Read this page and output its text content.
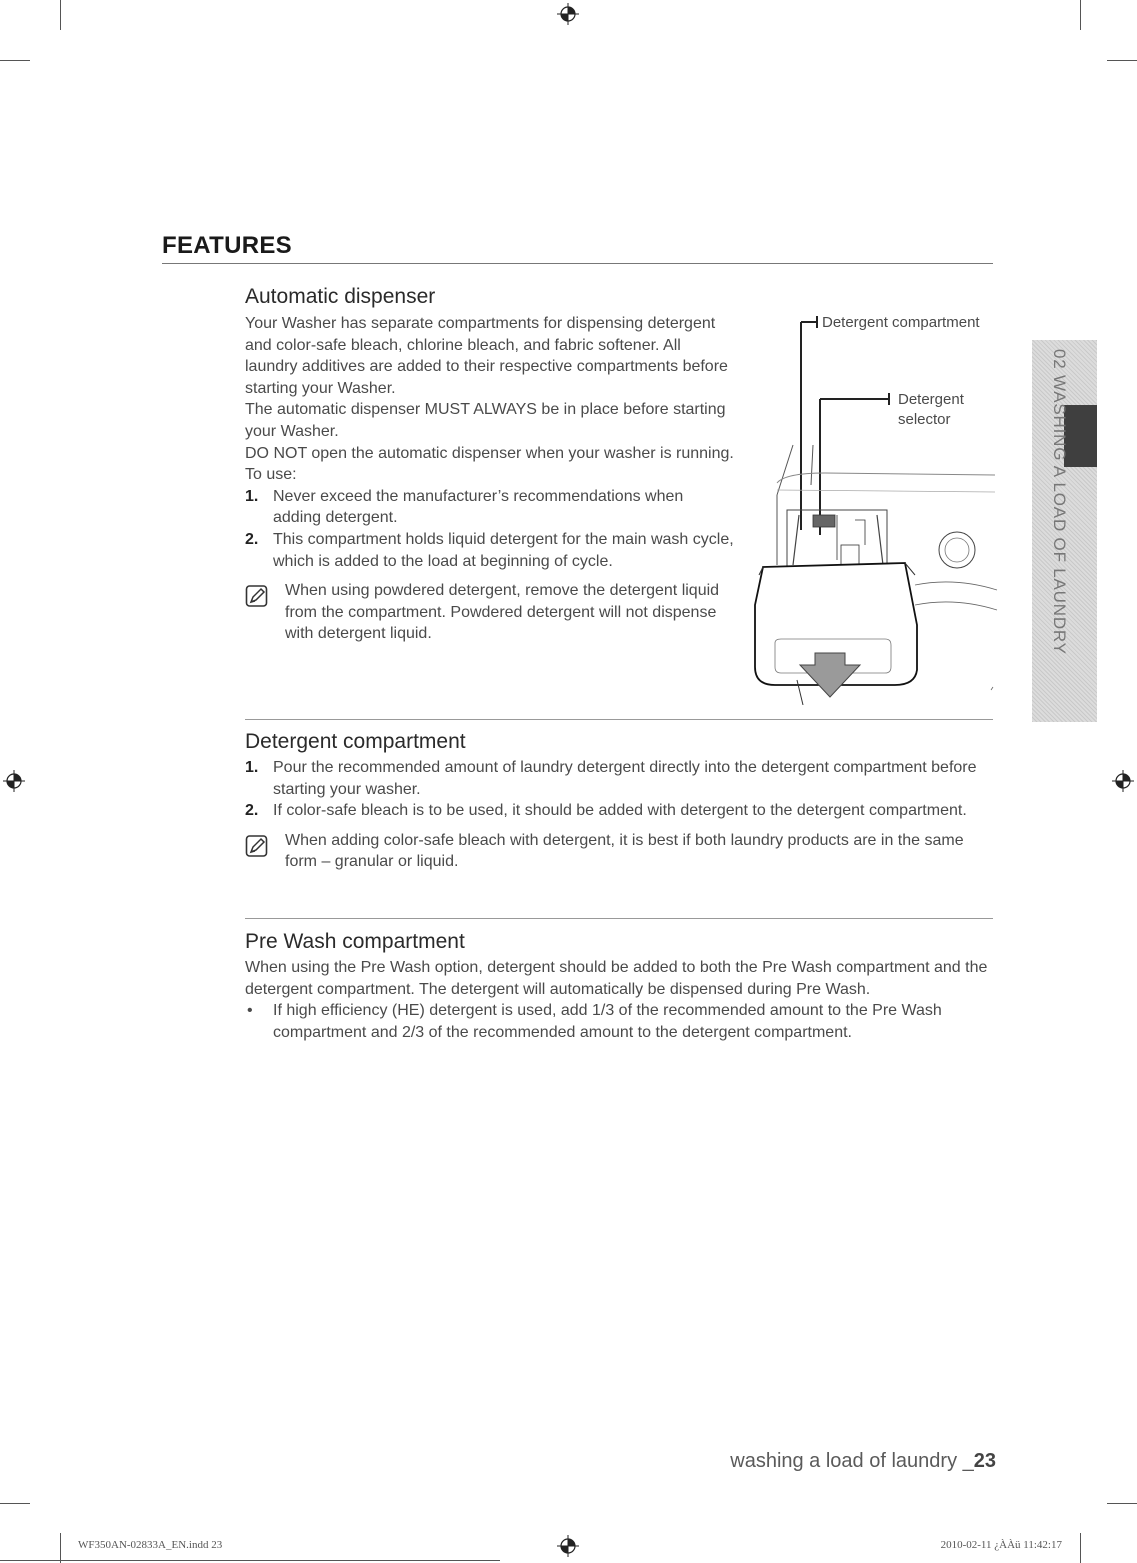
FEATURES
Automatic dispenser

Your Washer has separate compartments for dispensing detergent and color-safe bleach, chlorine bleach, and fabric softener. All laundry additives are added to their respective compartments before starting your Washer.

The automatic dispenser MUST ALWAYS be in place before starting your Washer.

DO NOT open the automatic dispenser when your washer is running.

To use:

1. Never exceed the manufacturer’s recommendations when adding detergent.
2. This compartment holds liquid detergent for the main wash cycle, which is added to the load at beginning of cycle.
When using powdered detergent, remove the detergent liquid from the compartment. Powdered detergent will not dispense with detergent liquid.
Detergent compartment
Detergent
selector
Detergent compartment
1. Pour the recommended amount of laundry detergent directly into the detergent compartment before starting your washer.
2. If color-safe bleach is to be used, it should be added with detergent to the detergent compartment.
When adding color-safe bleach with detergent, it is best if both laundry products are in the same form – granular or liquid.
Pre Wash compartment

When using the Pre Wash option, detergent should be added to both the Pre Wash compartment and the detergent compartment. The detergent will automatically be dispensed during Pre Wash.

• If high efficiency (HE) detergent is used, add 1/3 of the recommended amount to the Pre Wash compartment and 2/3 of the recommended amount to the detergent compartment.
02 WASHING A LOAD OF LAUNDRY
washing a load of laundry _23
WF350AN-02833A_EN.indd 23	2010-02-11 ¿ÀÀü 11:42:17
